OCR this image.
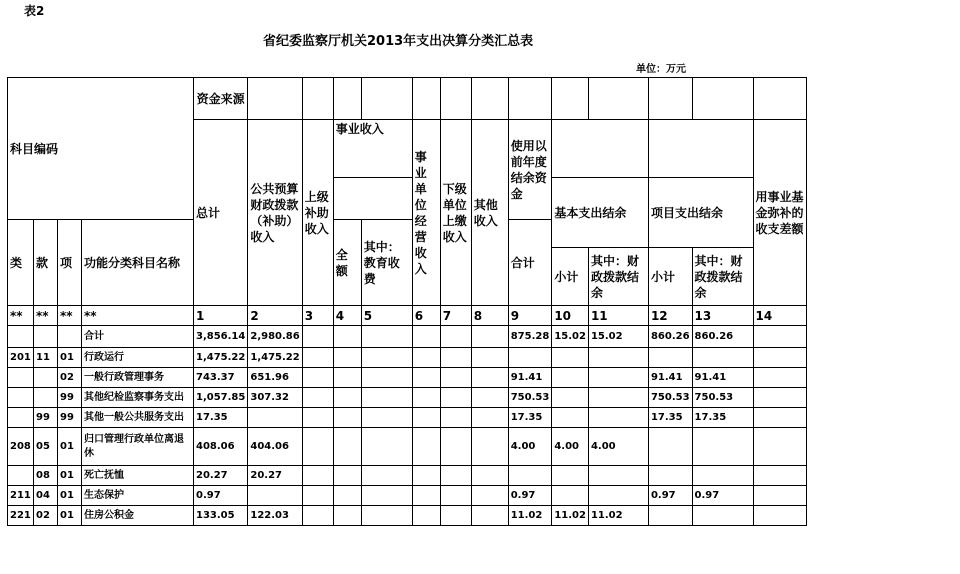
表2
省纪委监察厅机关2013年支出决算分类汇总表
单位：万元
科目编码				资金来源													
				总计	公共预算财政拨款（补助）收入	上级补助收入	事业收入		事业单位经营收入	下级单位上缴收入	其他收入	使用以前年度结余资金					用事业基金弥补的收支差额
													基本支出结余		项目支出结余		
类	款	项	功能分类科目名称				全额	其中：教育收费				合计					
													小计	其中：财政拨款结余	小计	其中：财政拨款结余	
**	**	**	**	1	2	3	4	5	6	7	8	9	10	11	12	13	14
			合计	3,856.14	2,980.86							875.28	15.02	15.02	860.26	860.26	
201	11	01	行政运行	1,475.22	1,475.22												
		02	一般行政管理事务	743.37	651.96							91.41			91.41	91.41	
		99	其他纪检监察事务支出	1,057.85	307.32							750.53			750.53	750.53	
	99	99	其他一般公共服务支出	17.35								17.35			17.35	17.35	
208	05	01	归口管理行政单位离退休	408.06	404.06							4.00	4.00	4.00			
	08	01	死亡抚恤	20.27	20.27												
211	04	01	生态保护	0.97								0.97			0.97	0.97	
221	02	01	住房公积金	133.05	122.03							11.02	11.02	11.02			
